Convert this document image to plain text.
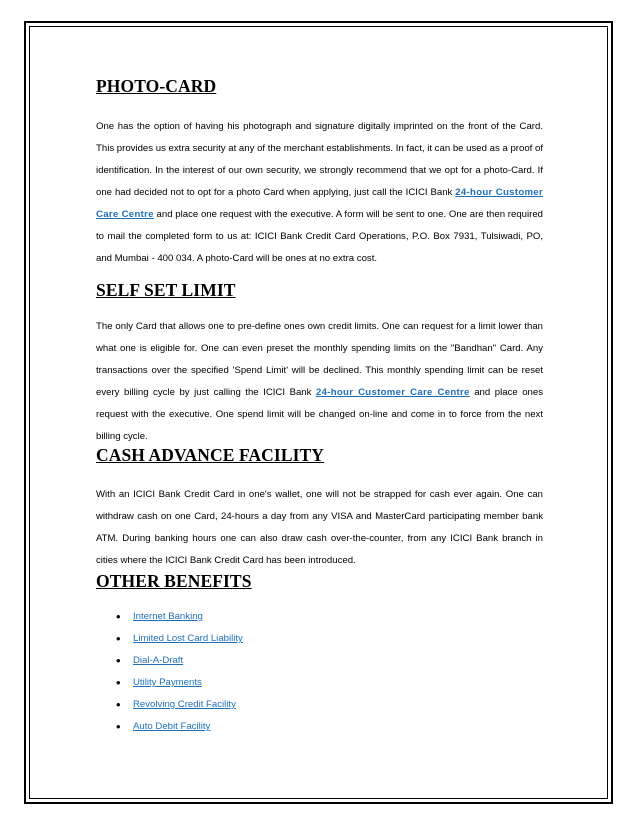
PHOTO-CARD

One has the option of having his photograph and signature digitally imprinted on the front of the Card. This provides us extra security at any of the merchant establishments. In fact, it can be used as a proof of identification. In the interest of our own security, we strongly recommend that we opt for a photo-Card. If one had decided not to opt for a photo Card when applying, just call the ICICI Bank 24-hour Customer Care Centre and place one request with the executive. A form will be sent to one. One are then required to mail the completed form to us at: ICICI Bank Credit Card Operations, P.O. Box 7931, Tulsiwadi, PO, and Mumbai - 400 034. A photo-Card will be ones at no extra cost.

SELF SET LIMIT

The only Card that allows one to pre-define ones own credit limits. One can request for a limit lower than what one is eligible for. One can even preset the monthly spending limits on the "Bandhan" Card. Any transactions over the specified 'Spend Limit' will be declined. This monthly spending limit can be reset every billing cycle by just calling the ICICI Bank 24-hour Customer Care Centre and place ones request with the executive. One spend limit will be changed on-line and come in to force from the next billing cycle.

CASH ADVANCE FACILITY

With an ICICI Bank Credit Card in one's wallet, one will not be strapped for cash ever again. One can withdraw cash on one Card, 24-hours a day from any VISA and MasterCard participating member bank ATM. During banking hours one can also draw cash over-the-counter, from any ICICI Bank branch in cities where the ICICI Bank Credit Card has been introduced.

OTHER BENEFITS
• Internet Banking
• Limited Lost Card Liability
• Dial-A-Draft
• Utility Payments
• Revolving Credit Facility
• Auto Debit Facility
